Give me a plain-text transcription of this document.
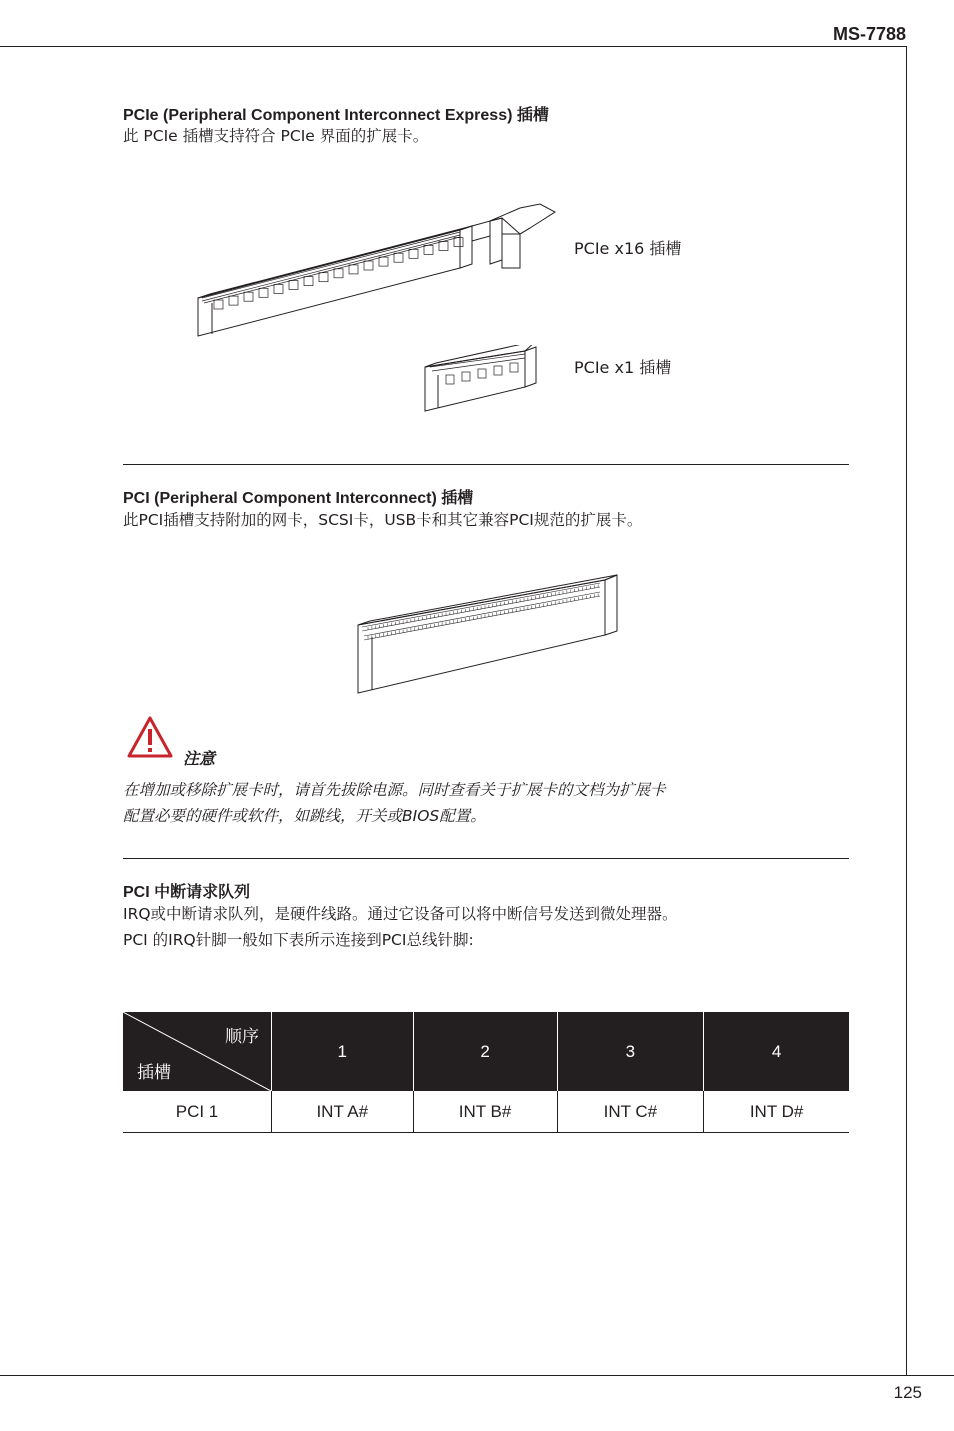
MS-7788
PCIe (Peripheral Component Interconnect Express) 插槽
此 PCIe 插槽支持符合 PCIe 界面的扩展卡。
PCIe x16 插槽
PCIe x1 插槽
PCI (Peripheral Component Interconnect) 插槽
此PCI插槽支持附加的网卡，SCSI卡，USB卡和其它兼容PCI规范的扩展卡。
注意
在增加或移除扩展卡时，请首先拔除电源。同时查看关于扩展卡的文档为扩展卡
配置必要的硬件或软件，如跳线，开关或BIOS配置。
PCI 中断请求队列
IRQ或中断请求队列，是硬件线路。通过它设备可以将中断信号发送到微处理器。
PCI 的IRQ针脚一般如下表所示连接到PCI总线针脚:
顺序
插槽	1	2	3	4
PCI 1	INT A#	INT B#	INT C#	INT D#
125
